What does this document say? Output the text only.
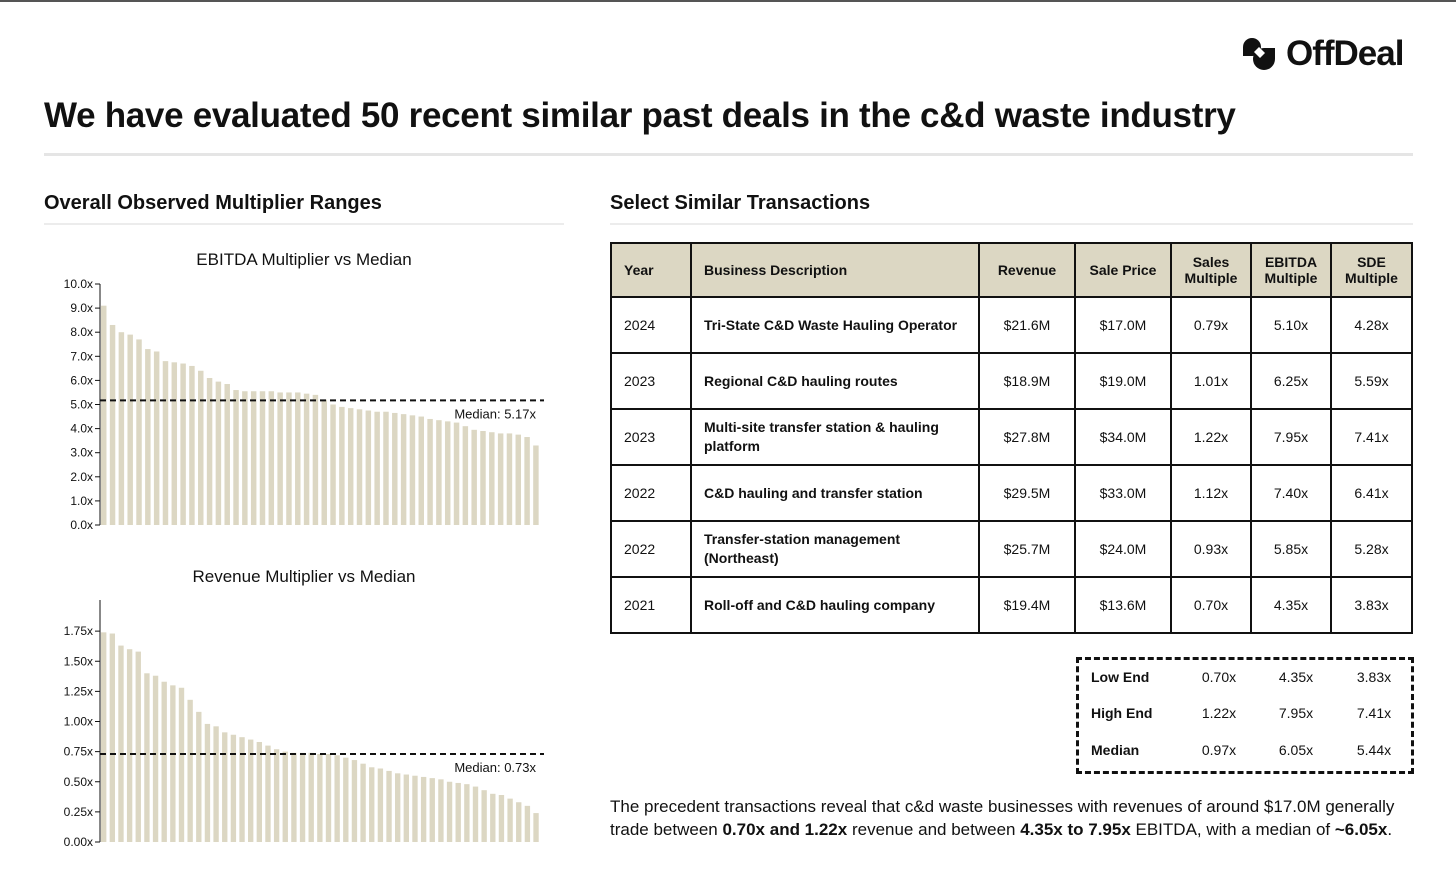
OffDeal
We have evaluated 50 recent similar past deals in the c&d waste industry
Overall Observed Multiplier Ranges	Select Similar Transactions
EBITDA Multiplier vs Median
0.0x
1.0x
2.0x
3.0x
4.0x
5.0x
6.0x
7.0x
8.0x
9.0x
10.0x
Median: 5.17x
Revenue Multiplier vs Median
0.00x
0.25x
0.50x
0.75x
1.00x
1.25x
1.50x
1.75x
Median: 0.73x
Year	Business Description	Revenue	Sale Price	Sales Multiple	EBITDA Multiple	SDE Multiple
2024	Tri-State C&D Waste Hauling Operator	$21.6M	$17.0M	0.79x	5.10x	4.28x
2023	Regional C&D hauling routes	$18.9M	$19.0M	1.01x	6.25x	5.59x
2023	Multi-site transfer station & hauling platform	$27.8M	$34.0M	1.22x	7.95x	7.41x
2022	C&D hauling and transfer station	$29.5M	$33.0M	1.12x	7.40x	6.41x
2022	Transfer-station management (Northeast)	$25.7M	$24.0M	0.93x	5.85x	5.28x
2021	Roll-off and C&D hauling company	$19.4M	$13.6M	0.70x	4.35x	3.83x
Low End	0.70x	4.35x	3.83x
High End	1.22x	7.95x	7.41x
Median	0.97x	6.05x	5.44x
The precedent transactions reveal that c&d waste businesses with revenues of around $17.0M generally trade between 0.70x and 1.22x revenue and between 4.35x to 7.95x EBITDA, with a median of ~6.05x.
